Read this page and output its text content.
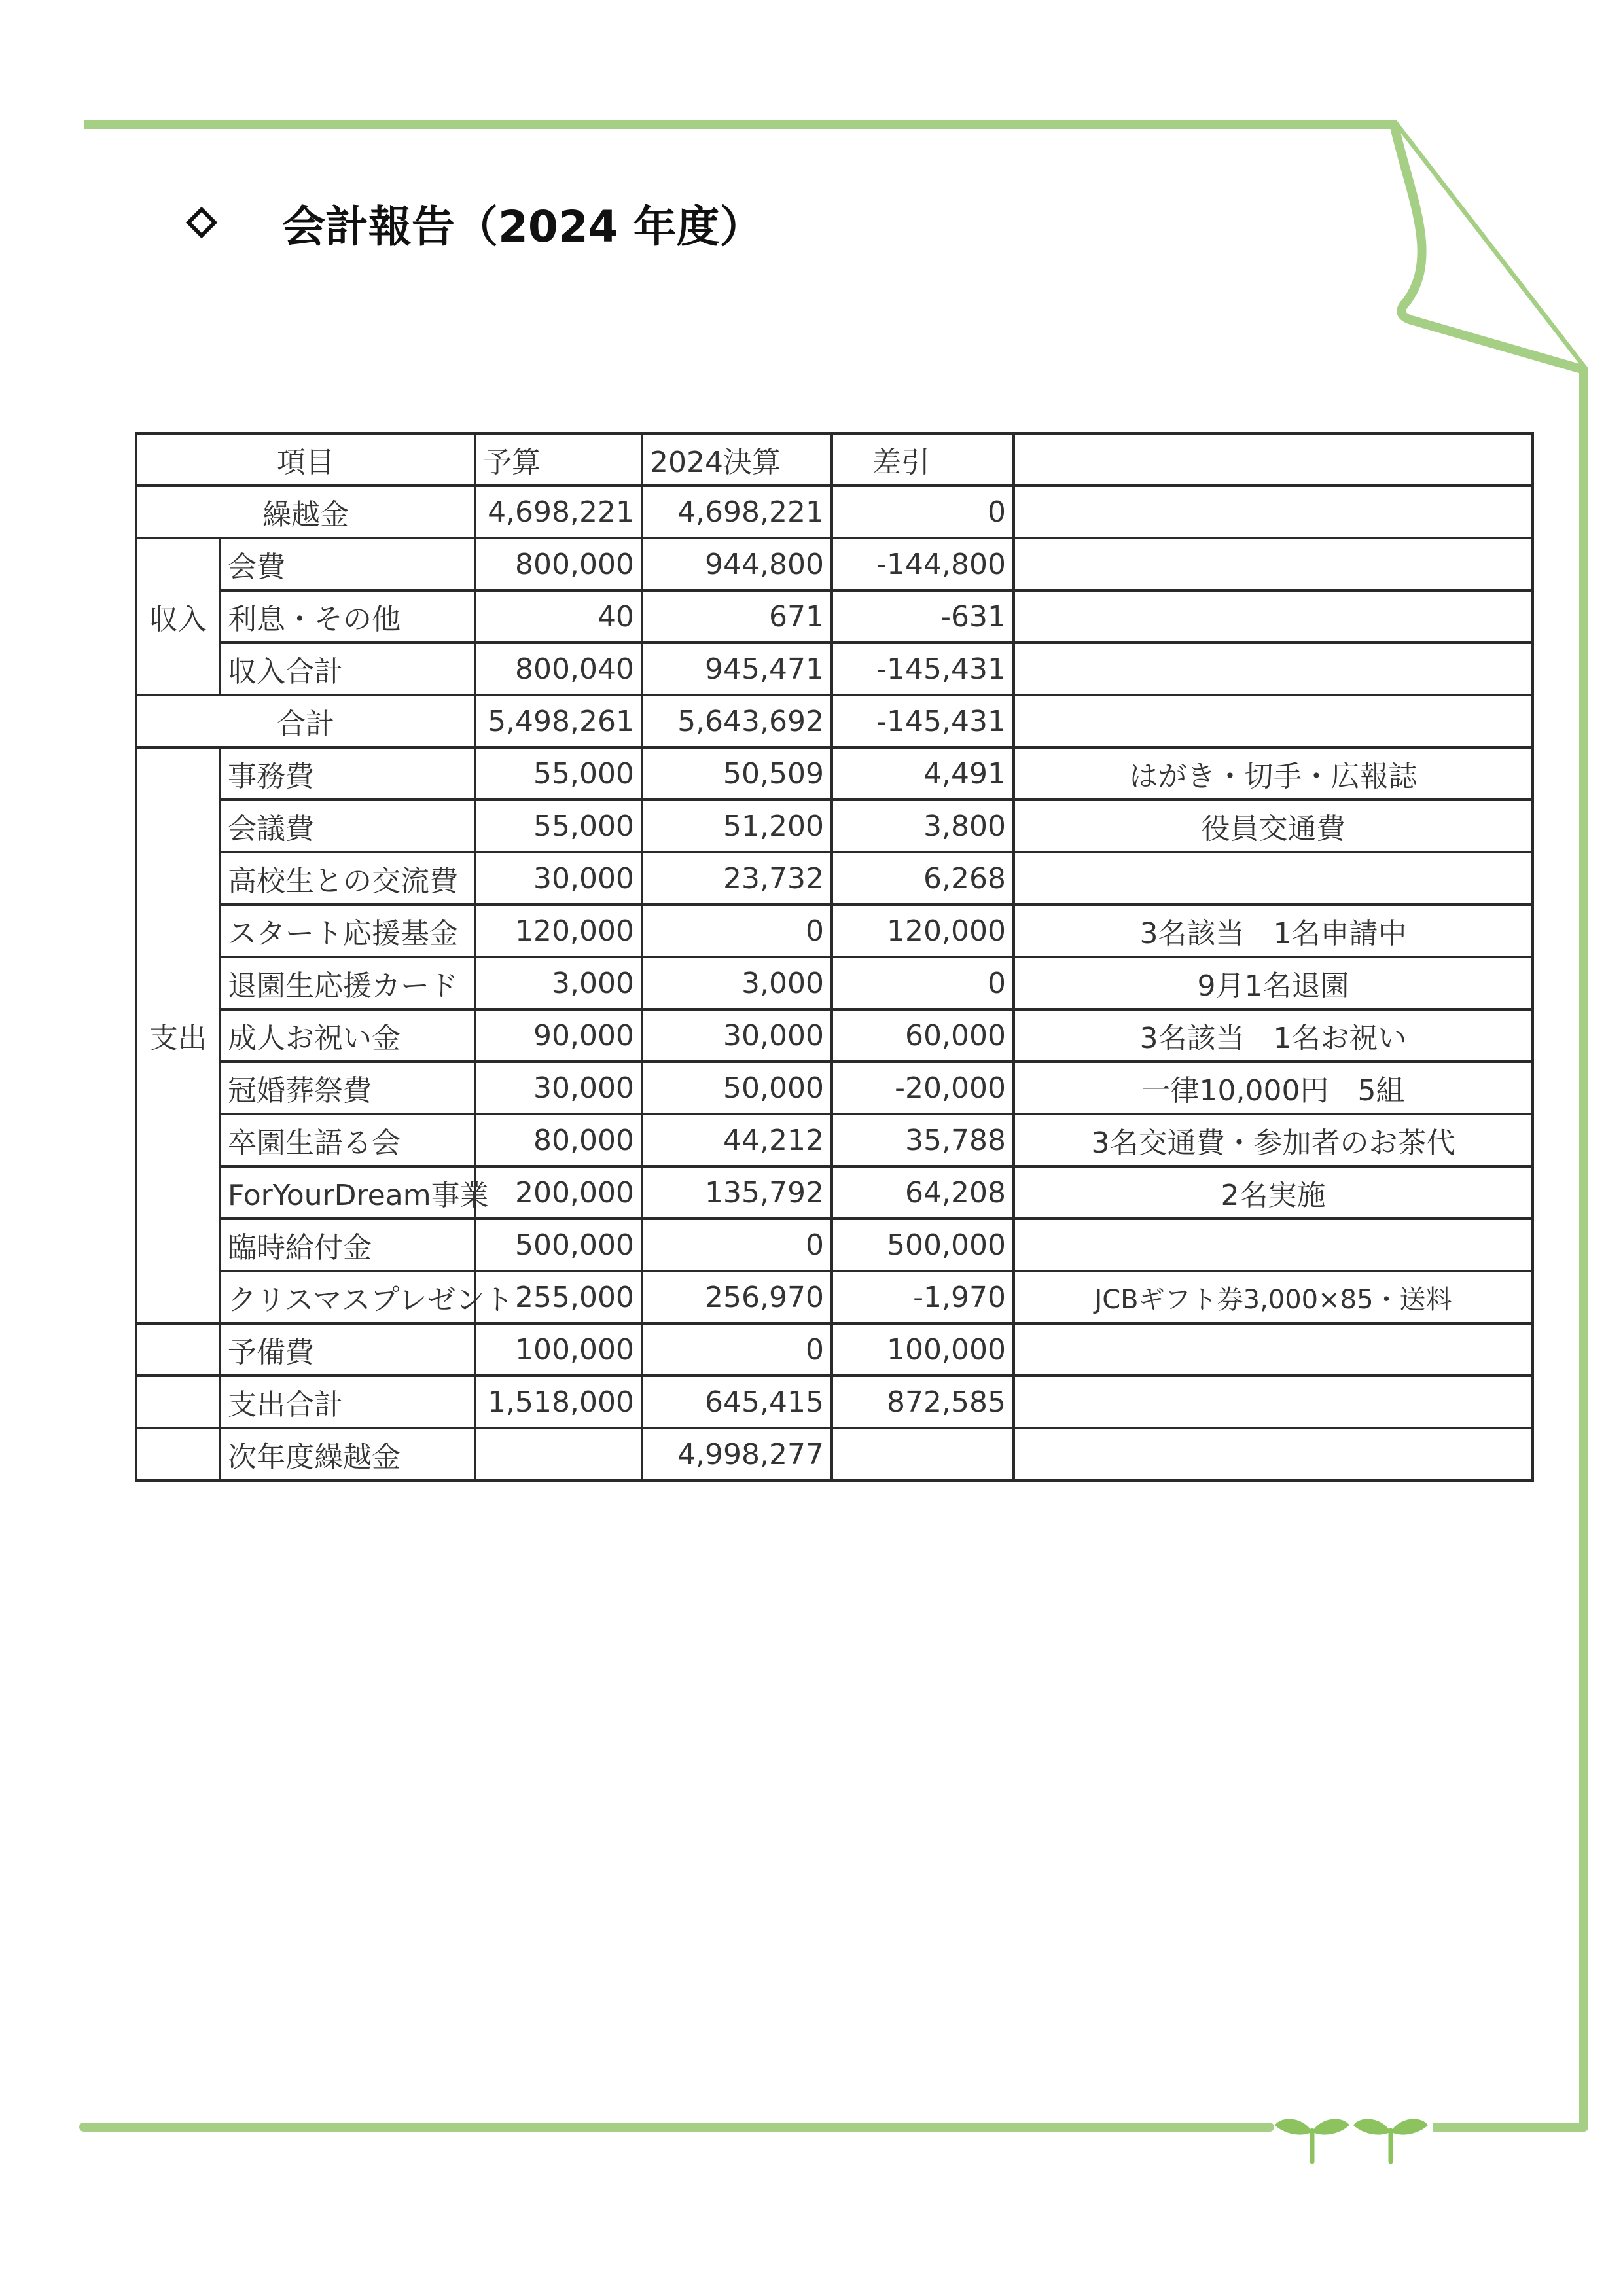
会計報告（2024 年度）
項目		予算	2024決算	差引	
繰越金		4,698,221	4,698,221	0	
収入	会費	800,000	944,800	-144,800	
	利息・その他	40	671	-631	
	収入合計	800,040	945,471	-145,431	
合計		5,498,261	5,643,692	-145,431	
支出	事務費	55,000	50,509	4,491	はがき・切手・広報誌
	会議費	55,000	51,200	3,800	役員交通費
	高校生との交流費	30,000	23,732	6,268	
	スタート応援基金	120,000	0	120,000	3名該当　1名申請中
	退園生応援カード	3,000	3,000	0	9月1名退園
	成人お祝い金	90,000	30,000	60,000	3名該当　1名お祝い
	冠婚葬祭費	30,000	50,000	-20,000	一律10,000円　5組
	卒園生語る会	80,000	44,212	35,788	3名交通費・参加者のお茶代
	ForYourDream事業	200,000	135,792	64,208	2名実施
	臨時給付金	500,000	0	500,000	
	クリスマスプレゼント	255,000	256,970	-1,970	JCBギフト券3,000×85・送料
	予備費	100,000	0	100,000	
	支出合計	1,518,000	645,415	872,585	
	次年度繰越金		4,998,277		
